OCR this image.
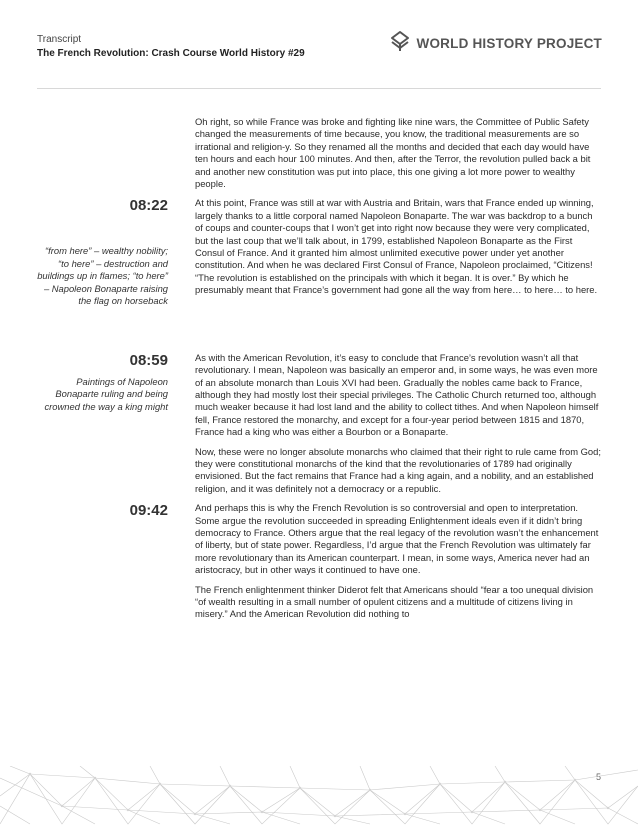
Transcript
The French Revolution: Crash Course World History #29
WORLD HISTORY PROJECT
Oh right, so while France was broke and fighting like nine wars, the Committee of Public Safety changed the measurements of time because, you know, the traditional measurements are so irrational and religion-y. So they renamed all the months and decided that each day would have ten hours and each hour 100 minutes. And then, after the Terror, the revolution pulled back a bit and another new constitution was put into place, this one giving a lot more power to wealthy people.
08:22
“from here” – wealthy nobility; “to here” – destruction and buildings up in flames; “to here” – Napoleon Bonaparte raising the flag on horseback
At this point, France was still at war with Austria and Britain, wars that France ended up winning, largely thanks to a little corporal named Napoleon Bonaparte. The war was backdrop to a bunch of coups and counter-coups that I won’t get into right now because they were very complicated, but the last coup that we’ll talk about, in 1799, established Napoleon Bonaparte as the First Consul of France. And it granted him almost unlimited executive power under yet another constitution. And when he was declared First Consul of France, Napoleon proclaimed, “Citizens! “The revolution is established on the principals with which it began. It is over.” By which he presumably meant that France’s government had gone all the way from here… to here… to here.
08:59
Paintings of Napoleon Bonaparte ruling and being crowned the way a king might
As with the American Revolution, it’s easy to conclude that France’s revolution wasn’t all that revolutionary. I mean, Napoleon was basically an emperor and, in some ways, he was even more of an absolute monarch than Louis XVI had been. Gradually the nobles came back to France, although they had mostly lost their special privileges. The Catholic Church returned too, although much weaker because it had lost land and the ability to collect tithes. And when Napoleon himself fell, France restored the monarchy, and except for a four-year period between 1815 and 1870, France had a king who was either a Bourbon or a Bonaparte.
Now, these were no longer absolute monarchs who claimed that their right to rule came from God; they were constitutional monarchs of the kind that the revolutionaries of 1789 had originally envisioned. But the fact remains that France had a king again, and a nobility, and an established religion, and it was definitely not a democracy or a republic.
09:42	And perhaps this is why the French Revolution is so controversial and open to interpretation. Some argue the revolution succeeded in spreading Enlightenment ideals even if it didn’t bring democracy to France. Others argue that the real legacy of the revolution wasn’t the enhancement of liberty, but of state power. Regardless, I’d argue that the French Revolution was ultimately far more revolutionary than its American counterpart. I mean, in some ways, America never had an aristocracy, but in other ways it continued to have one.
The French enlightenment thinker Diderot felt that Americans should “fear a too unequal division “of wealth resulting in a small number of opulent citizens and a multitude of citizens living in misery.” And the American Revolution did nothing to
5
